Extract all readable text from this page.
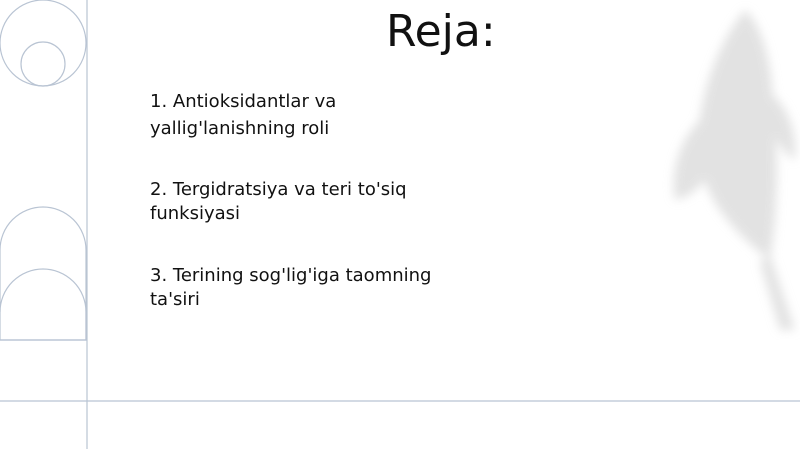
Reja:
1. Antioksidantlar va
yallig'lanishning roli
2. Tergidratsiya va teri to'siq
funksiyasi
3. Terining sog'lig'iga taomning
ta'siri
